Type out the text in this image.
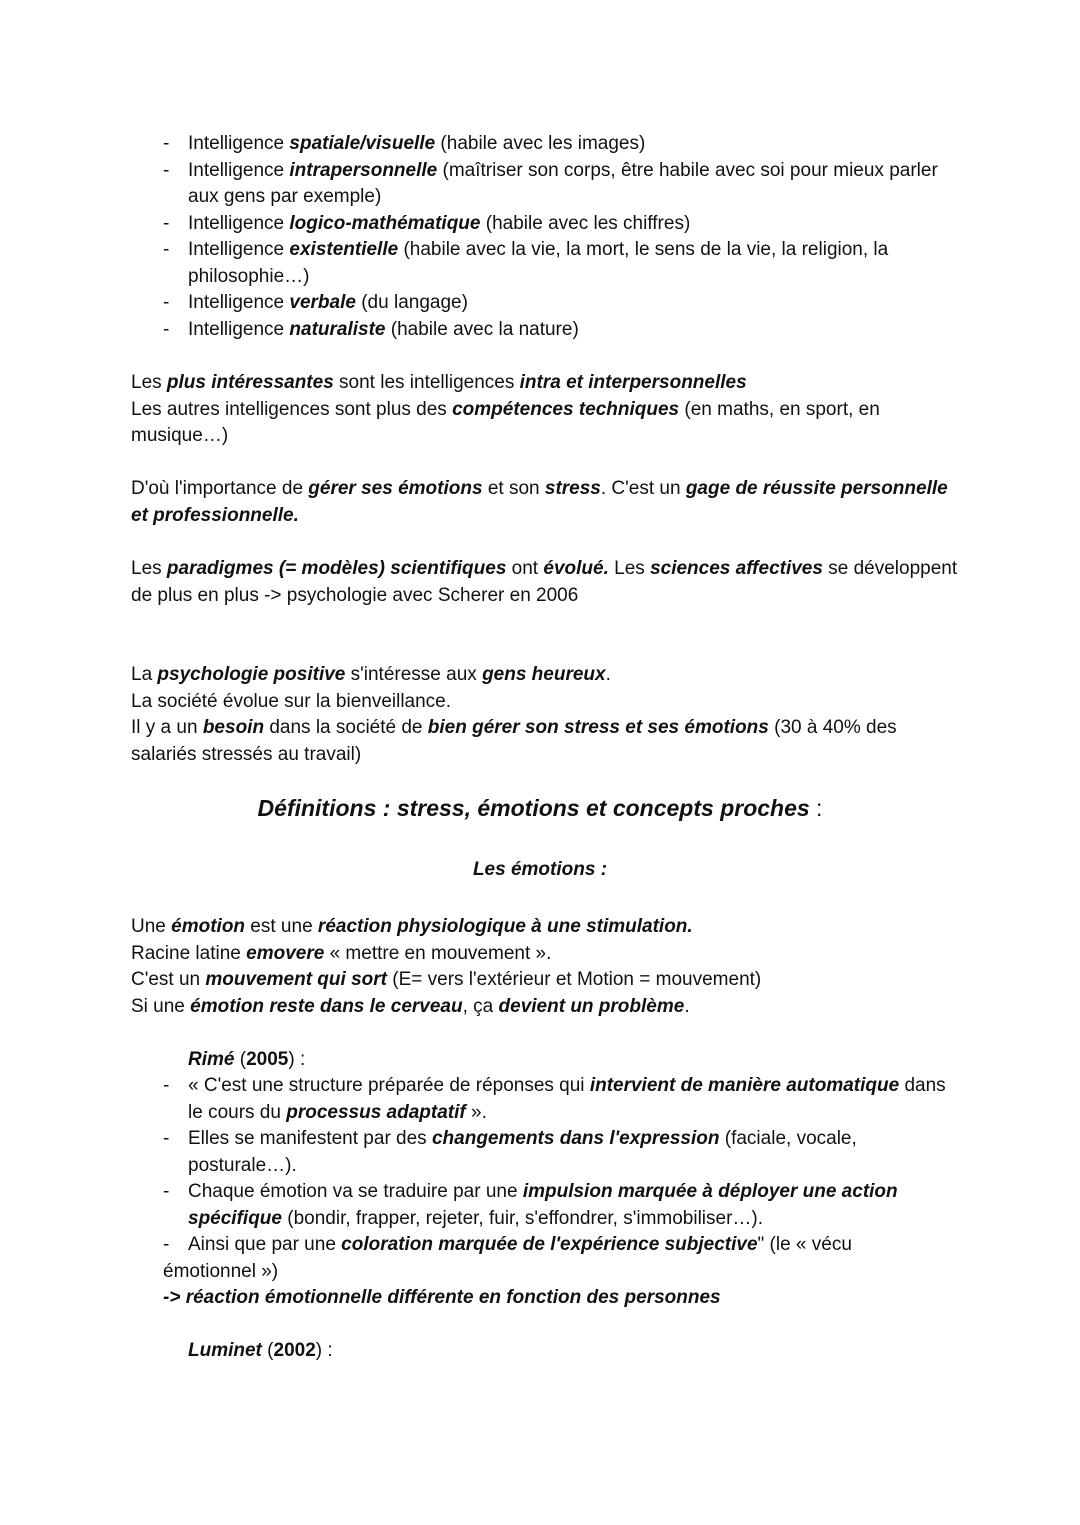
- Intelligence spatiale/visuelle (habile avec les images)
- Intelligence intrapersonnelle (maîtriser son corps, être habile avec soi pour mieux parler aux gens par exemple)
- Intelligence logico-mathématique (habile avec les chiffres)
- Intelligence existentielle (habile avec la vie, la mort, le sens de la vie, la religion, la philosophie…)
- Intelligence verbale (du langage)
- Intelligence naturaliste (habile avec la nature)

Les plus intéressantes sont les intelligences intra et interpersonnelles

Les autres intelligences sont plus des compétences techniques (en maths, en sport, en musique…)

D'où l'importance de gérer ses émotions et son stress. C'est un gage de réussite personnelle et professionnelle.

Les paradigmes (= modèles) scientifiques ont évolué. Les sciences affectives se développent de plus en plus -> psychologie avec Scherer en 2006

La psychologie positive s'intéresse aux gens heureux.

La société évolue sur la bienveillance.

Il y a un besoin dans la société de bien gérer son stress et ses émotions (30 à 40% des salariés stressés au travail)

Définitions : stress, émotions et concepts proches :
Les émotions :

Une émotion est une réaction physiologique à une stimulation.

Racine latine emovere « mettre en mouvement ».

C'est un mouvement qui sort (E= vers l'extérieur et Motion = mouvement)

Si une émotion reste dans le cerveau, ça devient un problème.

Rimé (2005) :
- « C'est une structure préparée de réponses qui intervient de manière automatique dans le cours du processus adaptatif ».
- Elles se manifestent par des changements dans l'expression (faciale, vocale, posturale…).
- Chaque émotion va se traduire par une impulsion marquée à déployer une action spécifique (bondir, frapper, rejeter, fuir, s'effondrer, s'immobiliser…).

- Ainsi que par une coloration marquée de l'expérience subjective" (le « vécu

émotionnel »)

-> réaction émotionnelle différente en fonction des personnes

Luminet (2002) :
